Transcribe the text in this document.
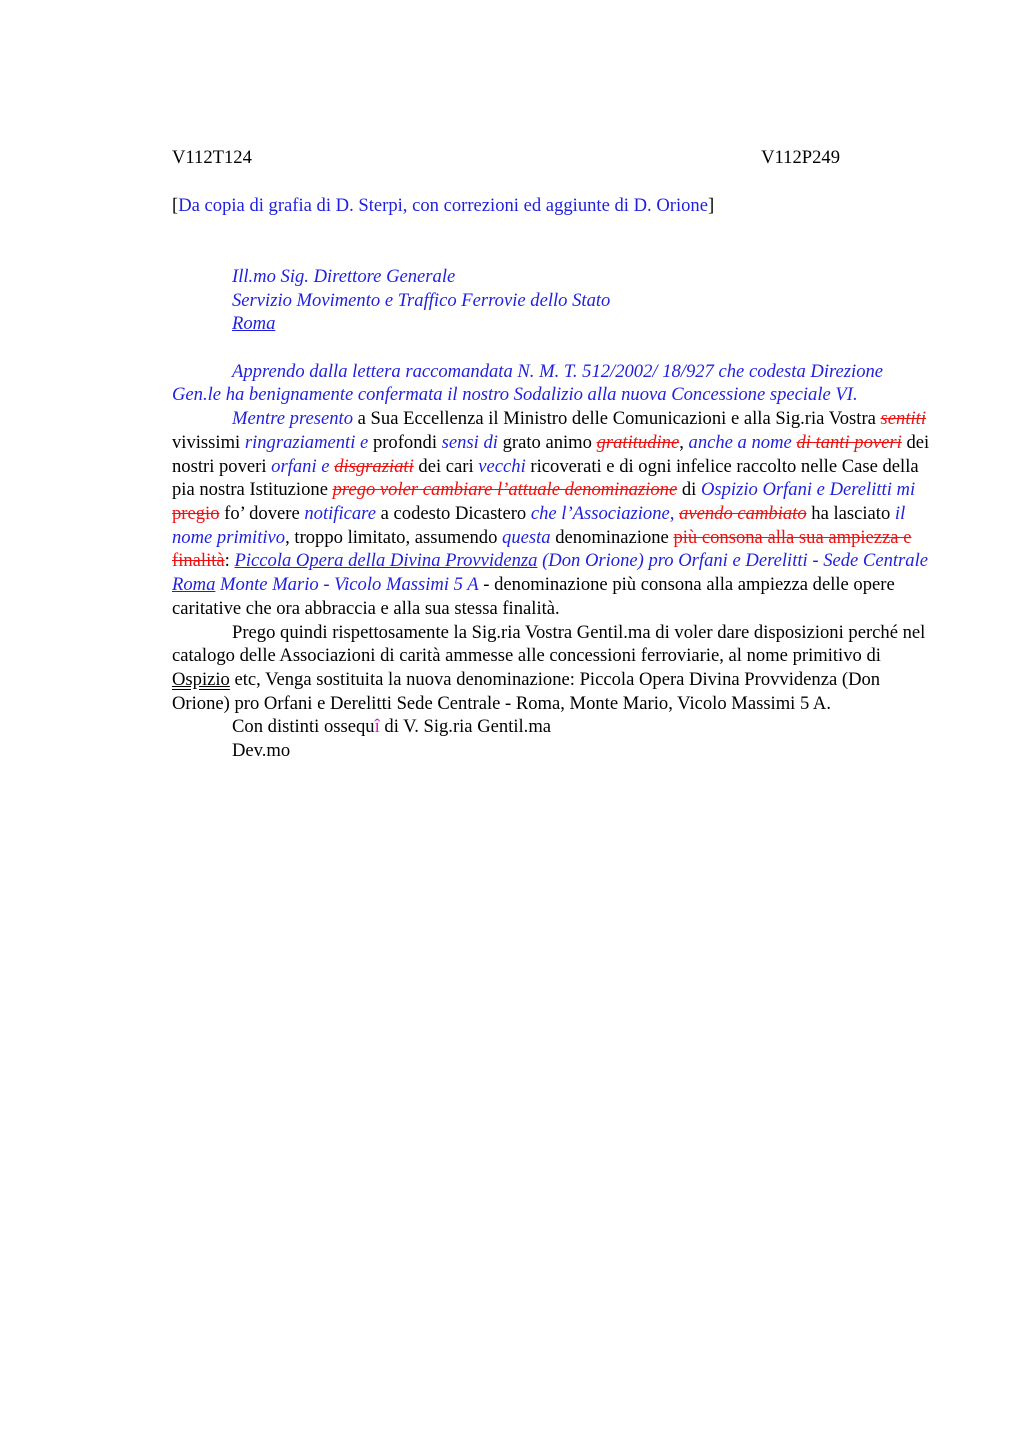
V112T124	V112P249
[Da copia di grafia di D. Sterpi, con correzioni ed aggiunte di D. Orione]
Ill.mo Sig. Direttore Generale
Servizio Movimento e Traffico Ferrovie dello Stato
Roma

Apprendo dalla lettera raccomandata N. M. T. 512/2002/ 18/927 che codesta Direzione Gen.le ha benignamente confermata il nostro Sodalizio alla nuova Concessione speciale VI.

Mentre presento a Sua Eccellenza il Ministro delle Comunicazioni e alla Sig.ria Vostra sentiti vivissimi ringraziamenti e profondi sensi di grato animo gratitudine, anche a nome di tanti poveri dei nostri poveri orfani e disgraziati dei cari vecchi ricoverati e di ogni infelice raccolto nelle Case della pia nostra Istituzione prego voler cambiare l’attuale denominazione di Ospizio Orfani e Derelitti mi pregio fo’ dovere notificare a codesto Dicastero che l’Associazione, avendo cambiato ha lasciato il nome primitivo, troppo limitato, assumendo questa denominazione più consona alla sua ampiezza e finalità: Piccola Opera della Divina Provvidenza (Don Orione) pro Orfani e Derelitti - Sede Centrale Roma Monte Mario - Vicolo Massimi 5 A - denominazione più consona alla ampiezza delle opere caritative che ora abbraccia e alla sua stessa finalità.

Prego quindi rispettosamente la Sig.ria Vostra Gentil.ma di voler dare disposizioni perché nel catalogo delle Associazioni di carità ammesse alle concessioni ferroviarie, al nome primitivo di Ospizio etc, Venga sostituita la nuova denominazione: Piccola Opera Divina Provvidenza (Don Orione) pro Orfani e Derelitti Sede Centrale - Roma, Monte Mario, Vicolo Massimi 5 A.

Con distinti ossequî di V. Sig.ria Gentil.ma
Dev.mo
